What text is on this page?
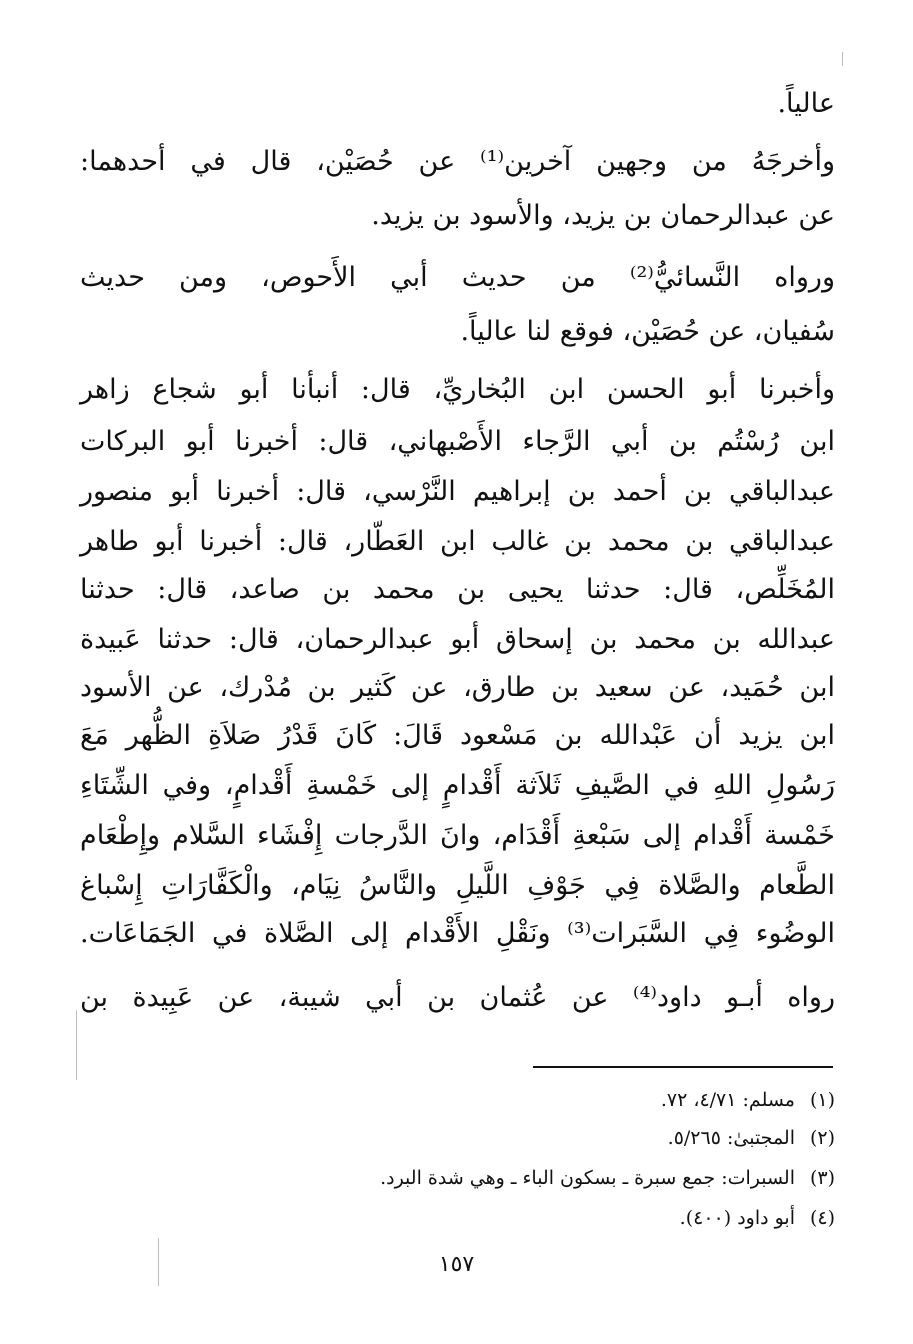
عالياً.
وأخرجَهُ من وجهين آخرين⁽¹⁾ عن حُصَيْن، قال في أحدهما:
عن عبدالرحمان بن يزيد، والأسود بن يزيد.
ورواه النَّسائيُّ⁽²⁾ من حديث أبي الأَحوص، ومن حديث
سُفيان، عن حُصَيْن، فوقع لنا عالياً.
وأخبرنا أبو الحسن ابن البُخاريِّ، قال: أنبأنا أبو شجاع زاهر
ابن رُسْتُم بن أبي الرَّجاء الأَصْبهاني، قال: أخبرنا أبو البركات
عبدالباقي بن أحمد بن إبراهيم النَّرْسي، قال: أخبرنا أبو منصور
عبدالباقي بن محمد بن غالب ابن العَطّار، قال: أخبرنا أبو طاهر
المُخَلِّص، قال: حدثنا يحيى بن محمد بن صاعد، قال: حدثنا
عبدالله بن محمد بن إسحاق أبو عبدالرحمان، قال: حدثنا عَبيدة
ابن حُمَيد، عن سعيد بن طارق، عن كَثير بن مُدْرك، عن الأسود
ابن يزيد أن عَبْدالله بن مَسْعود قَالَ: كَانَ قَدْرُ صَلاَةِ الظُّهر مَعَ
رَسُولِ اللهِ في الصَّيفِ ثَلاَثة أَقْدامٍ إلى خَمْسةِ أَقْدامٍ، وفي الشِّتَاءِ
خَمْسة أَقْدام إلى سَبْعةِ أَقْدَام، وانَ الدَّرجات إِفْشَاء السَّلام وإِطْعَام
الطَّعام والصَّلاة فِي جَوْفِ اللَّيلِ والنَّاسُ نِيَام، والْكَفَّارَاتِ إِسْباغ
الوضُوء فِي السَّبَرات⁽³⁾ ونَقْلِ الأَقْدام إلى الصَّلاة في الجَمَاعَات.
رواه أبـو داود⁽⁴⁾ عن عُثمان بن أبي شيبة، عن عَبِيدة بن
(١)مسلم: ٤/٧١، ٧٢.
(٢)المجتبىٰ: ٥/٢٦٥.
(٣)السبرات: جمع سبرة ـ بسكون الباء ـ وهي شدة البرد.
(٤)أبو داود (٤٠٠).
١٥٧
